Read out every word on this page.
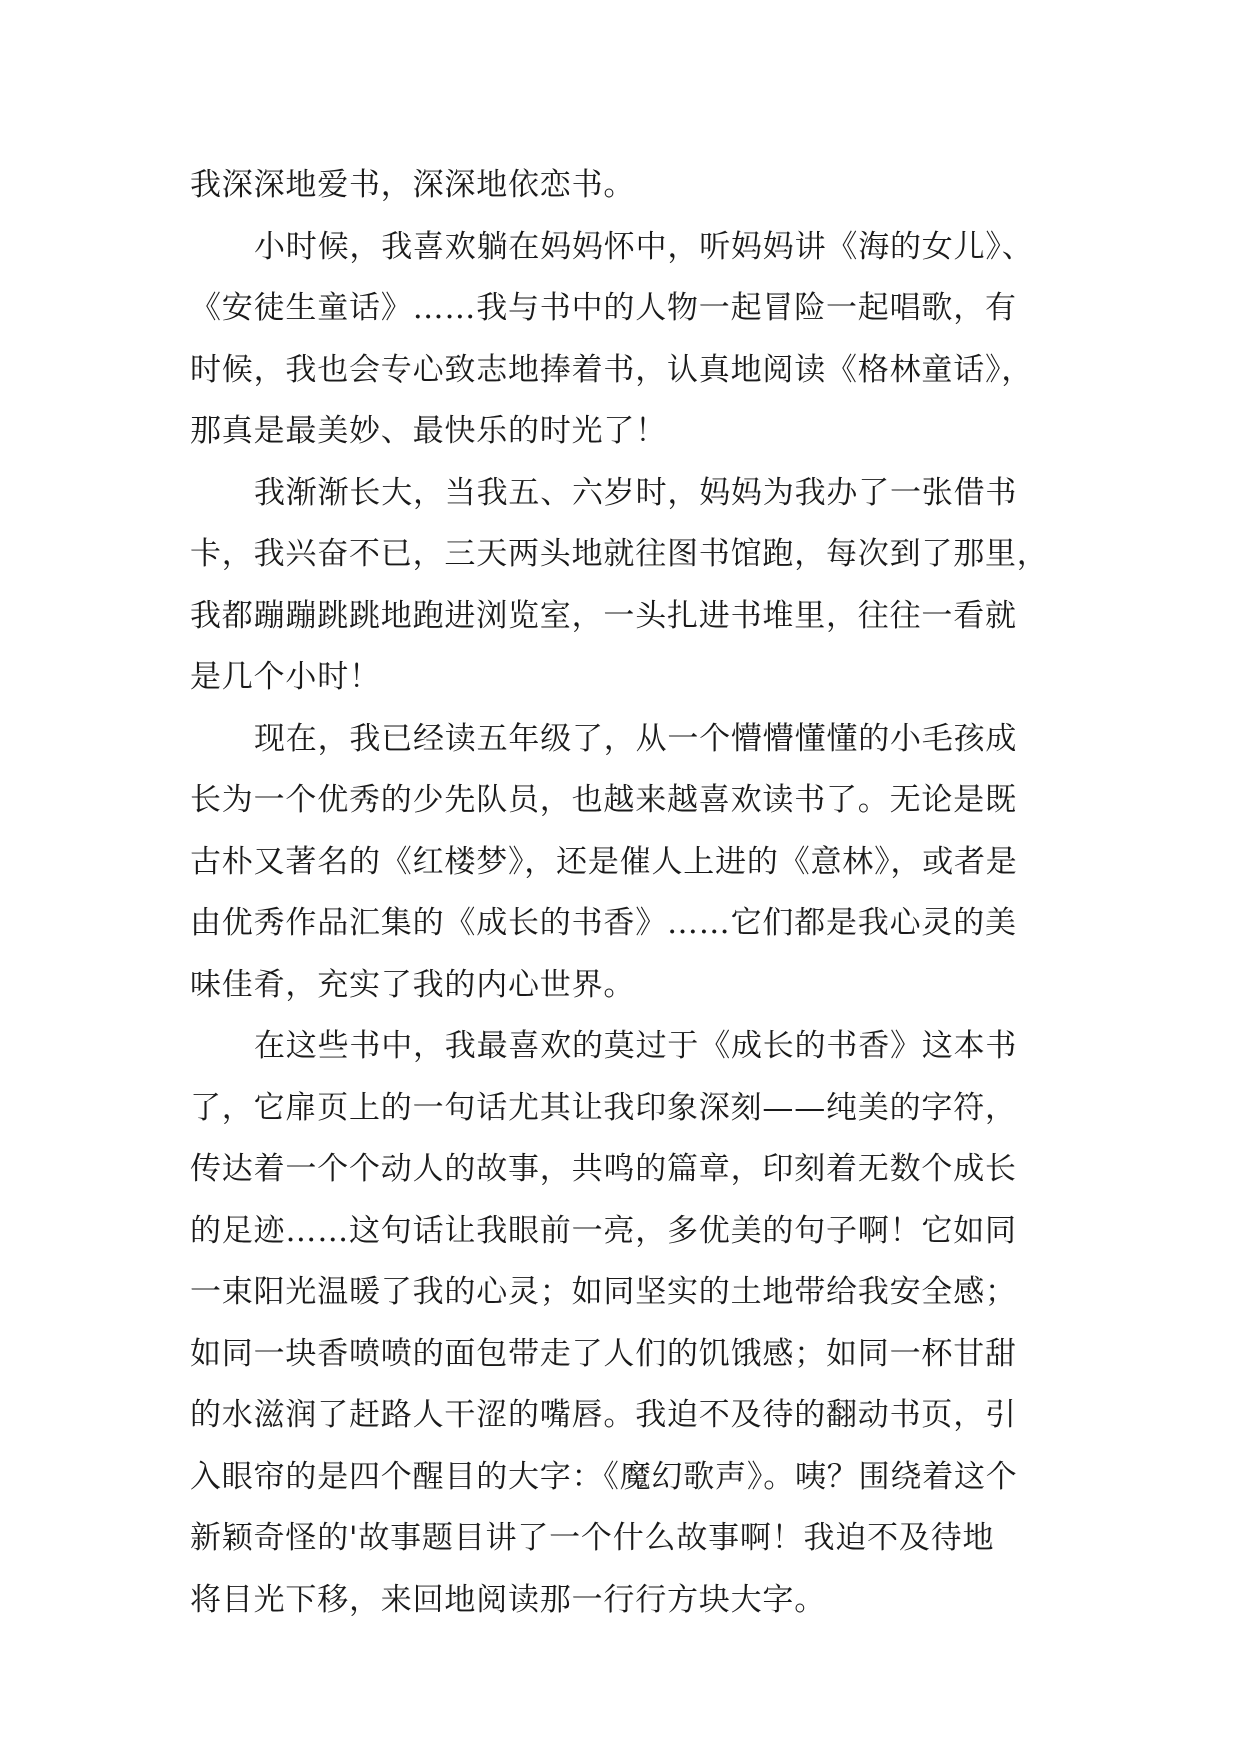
我深深地爱书，深深地依恋书。

小时候，我喜欢躺在妈妈怀中，听妈妈讲《海的女儿》、
《安徒生童话》……我与书中的人物一起冒险一起唱歌，有
时候，我也会专心致志地捧着书，认真地阅读《格林童话》，
那真是最美妙、最快乐的时光了！

我渐渐长大，当我五、六岁时，妈妈为我办了一张借书
卡，我兴奋不已，三天两头地就往图书馆跑，每次到了那里，
我都蹦蹦跳跳地跑进浏览室，一头扎进书堆里，往往一看就
是几个小时！

现在，我已经读五年级了，从一个懵懵懂懂的小毛孩成
长为一个优秀的少先队员，也越来越喜欢读书了。无论是既
古朴又著名的《红楼梦》，还是催人上进的《意林》，或者是
由优秀作品汇集的《成长的书香》……它们都是我心灵的美
味佳肴，充实了我的内心世界。

在这些书中，我最喜欢的莫过于《成长的书香》这本书
了，它扉页上的一句话尤其让我印象深刻——纯美的字符，
传达着一个个动人的故事，共鸣的篇章，印刻着无数个成长
的足迹……这句话让我眼前一亮，多优美的句子啊！它如同
一束阳光温暖了我的心灵；如同坚实的土地带给我安全感；
如同一块香喷喷的面包带走了人们的饥饿感；如同一杯甘甜
的水滋润了赶路人干涩的嘴唇。我迫不及待的翻动书页，引
入眼帘的是四个醒目的大字：《魔幻歌声》。咦？围绕着这个
新颖奇怪的'故事题目讲了一个什么故事啊！我迫不及待地
将目光下移，来回地阅读那一行行方块大字。
